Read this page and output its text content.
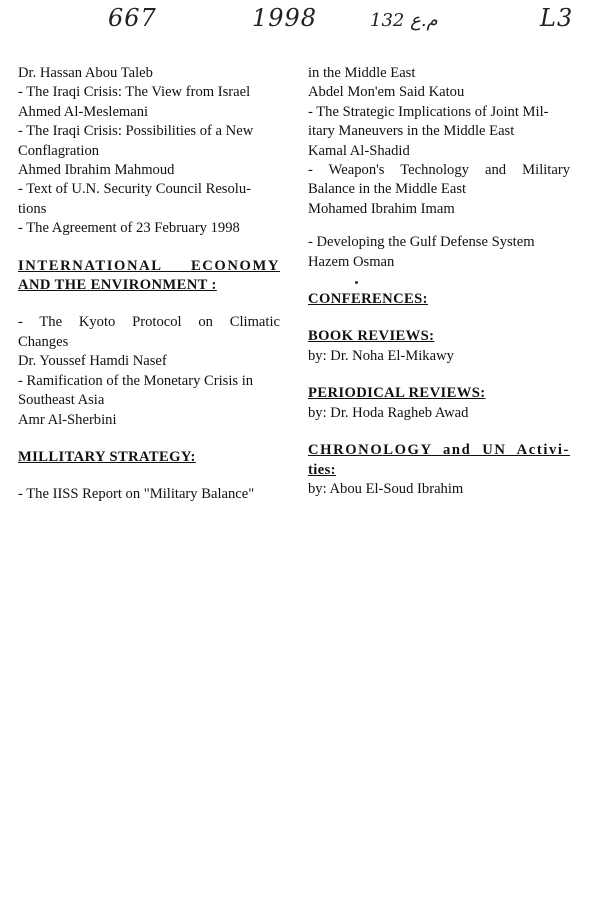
667	1998	م.ع 132	L3
Dr. Hassan Abou Taleb
- The Iraqi Crisis: The View from Israel
Ahmed Al-Meslemani
- The Iraqi Crisis: Possibilities of a New
Conflagration
Ahmed Ibrahim Mahmoud
- Text of U.N. Security Council Resolu-
tions
- The Agreement of 23 February 1998
INTERNATIONAL ECONOMY
AND THE ENVIRONMENT :
- The Kyoto Protocol on Climatic
Changes
Dr. Youssef Hamdi Nasef
- Ramification of the Monetary Crisis in
Southeast Asia
Amr Al-Sherbini
MILLITARY STRATEGY:
- The IISS Report on "Military Balance"
in the Middle East
Abdel Mon'em Said Katou
- The Strategic Implications of Joint Mil-
itary Maneuvers in the Middle East
Kamal Al-Shadid
- Weapon's Technology and Military
Balance in the Middle East
Mohamed Ibrahim Imam
- Developing the Gulf Defense System
Hazem Osman
CONFERENCES:
BOOK REVIEWS:
by: Dr. Noha El-Mikawy
PERIODICAL REVIEWS:
by: Dr. Hoda Ragheb Awad
CHRONOLOGY and UN Activi-
ties:
by: Abou El-Soud Ibrahim
